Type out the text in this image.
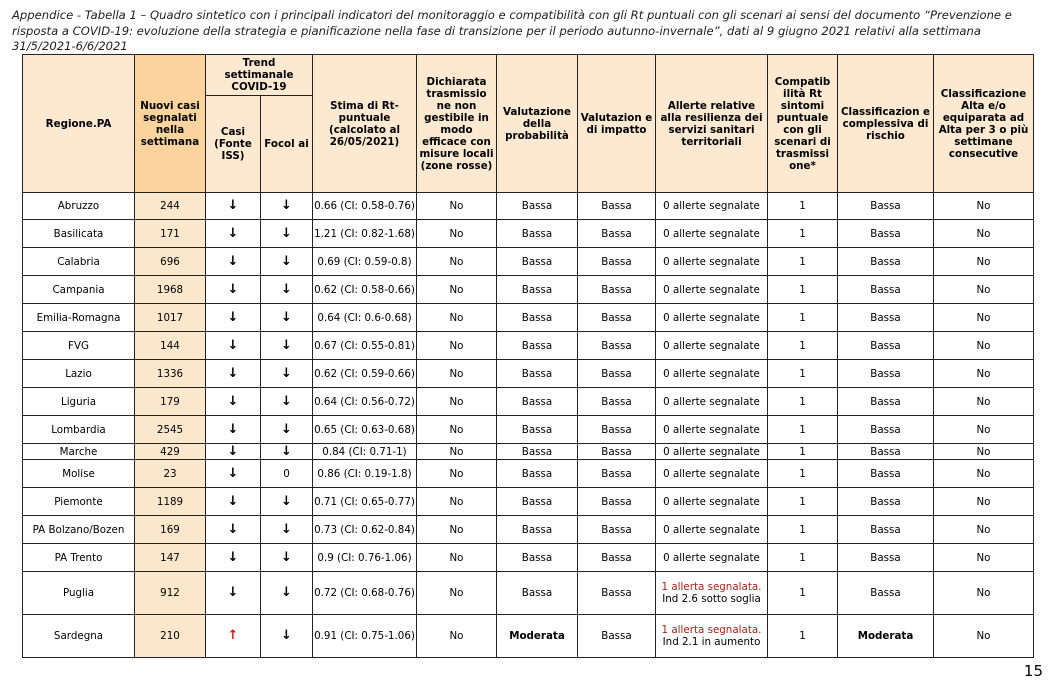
Appendice - Tabella 1 – Quadro sintetico con i principali indicatori del monitoraggio e compatibilità con gli Rt puntuali con gli scenari ai sensi del documento “Prevenzione e risposta a COVID-19: evoluzione della strategia e pianificazione nella fase di transizione per il periodo autunno-invernale”, dati al 9 giugno 2021 relativi alla settimana 31/5/2021-6/6/2021
Regione.PA	Nuovi casi segnalati nella settimana	Trend settimanale COVID-19		Stima di Rt-puntuale (calcolato al 26/05/2021)	Dichiarata trasmissio ne non gestibile in modo efficace con misure locali (zone rosse)	Valutazione della probabilità	Valutazion e di impatto	Allerte relative alla resilienza dei servizi sanitari territoriali	Compatib ilità Rt sintomi puntuale con gli scenari di trasmissi one*	Classificazion e complessiva di rischio	Classificazione Alta e/o equiparata ad Alta per 3 o più settimane consecutive
		Casi (Fonte ISS)	Focol ai								
Abruzzo	244	↓	↓	0.66 (CI: 0.58-0.76)	No	Bassa	Bassa	0 allerte segnalate	1	Bassa	No
Basilicata	171	↓	↓	1.21 (CI: 0.82-1.68)	No	Bassa	Bassa	0 allerte segnalate	1	Bassa	No
Calabria	696	↓	↓	0.69 (CI: 0.59-0.8)	No	Bassa	Bassa	0 allerte segnalate	1	Bassa	No
Campania	1968	↓	↓	0.62 (CI: 0.58-0.66)	No	Bassa	Bassa	0 allerte segnalate	1	Bassa	No
Emilia-Romagna	1017	↓	↓	0.64 (CI: 0.6-0.68)	No	Bassa	Bassa	0 allerte segnalate	1	Bassa	No
FVG	144	↓	↓	0.67 (CI: 0.55-0.81)	No	Bassa	Bassa	0 allerte segnalate	1	Bassa	No
Lazio	1336	↓	↓	0.62 (CI: 0.59-0.66)	No	Bassa	Bassa	0 allerte segnalate	1	Bassa	No
Liguria	179	↓	↓	0.64 (CI: 0.56-0.72)	No	Bassa	Bassa	0 allerte segnalate	1	Bassa	No
Lombardia	2545	↓	↓	0.65 (CI: 0.63-0.68)	No	Bassa	Bassa	0 allerte segnalate	1	Bassa	No
Marche	429	↓	↓	0.84 (CI: 0.71-1)	No	Bassa	Bassa	0 allerte segnalate	1	Bassa	No
Molise	23	↓	0	0.86 (CI: 0.19-1.8)	No	Bassa	Bassa	0 allerte segnalate	1	Bassa	No
Piemonte	1189	↓	↓	0.71 (CI: 0.65-0.77)	No	Bassa	Bassa	0 allerte segnalate	1	Bassa	No
PA Bolzano/Bozen	169	↓	↓	0.73 (CI: 0.62-0.84)	No	Bassa	Bassa	0 allerte segnalate	1	Bassa	No
PA Trento	147	↓	↓	0.9 (CI: 0.76-1.06)	No	Bassa	Bassa	0 allerte segnalate	1	Bassa	No
Puglia	912	↓	↓	0.72 (CI: 0.68-0.76)	No	Bassa	Bassa	1 allerta segnalata. Ind 2.6 sotto soglia	1	Bassa	No
Sardegna	210	↑	↓	0.91 (CI: 0.75-1.06)	No	Moderata	Bassa	1 allerta segnalata. Ind 2.1 in aumento	1	Moderata	No
15
